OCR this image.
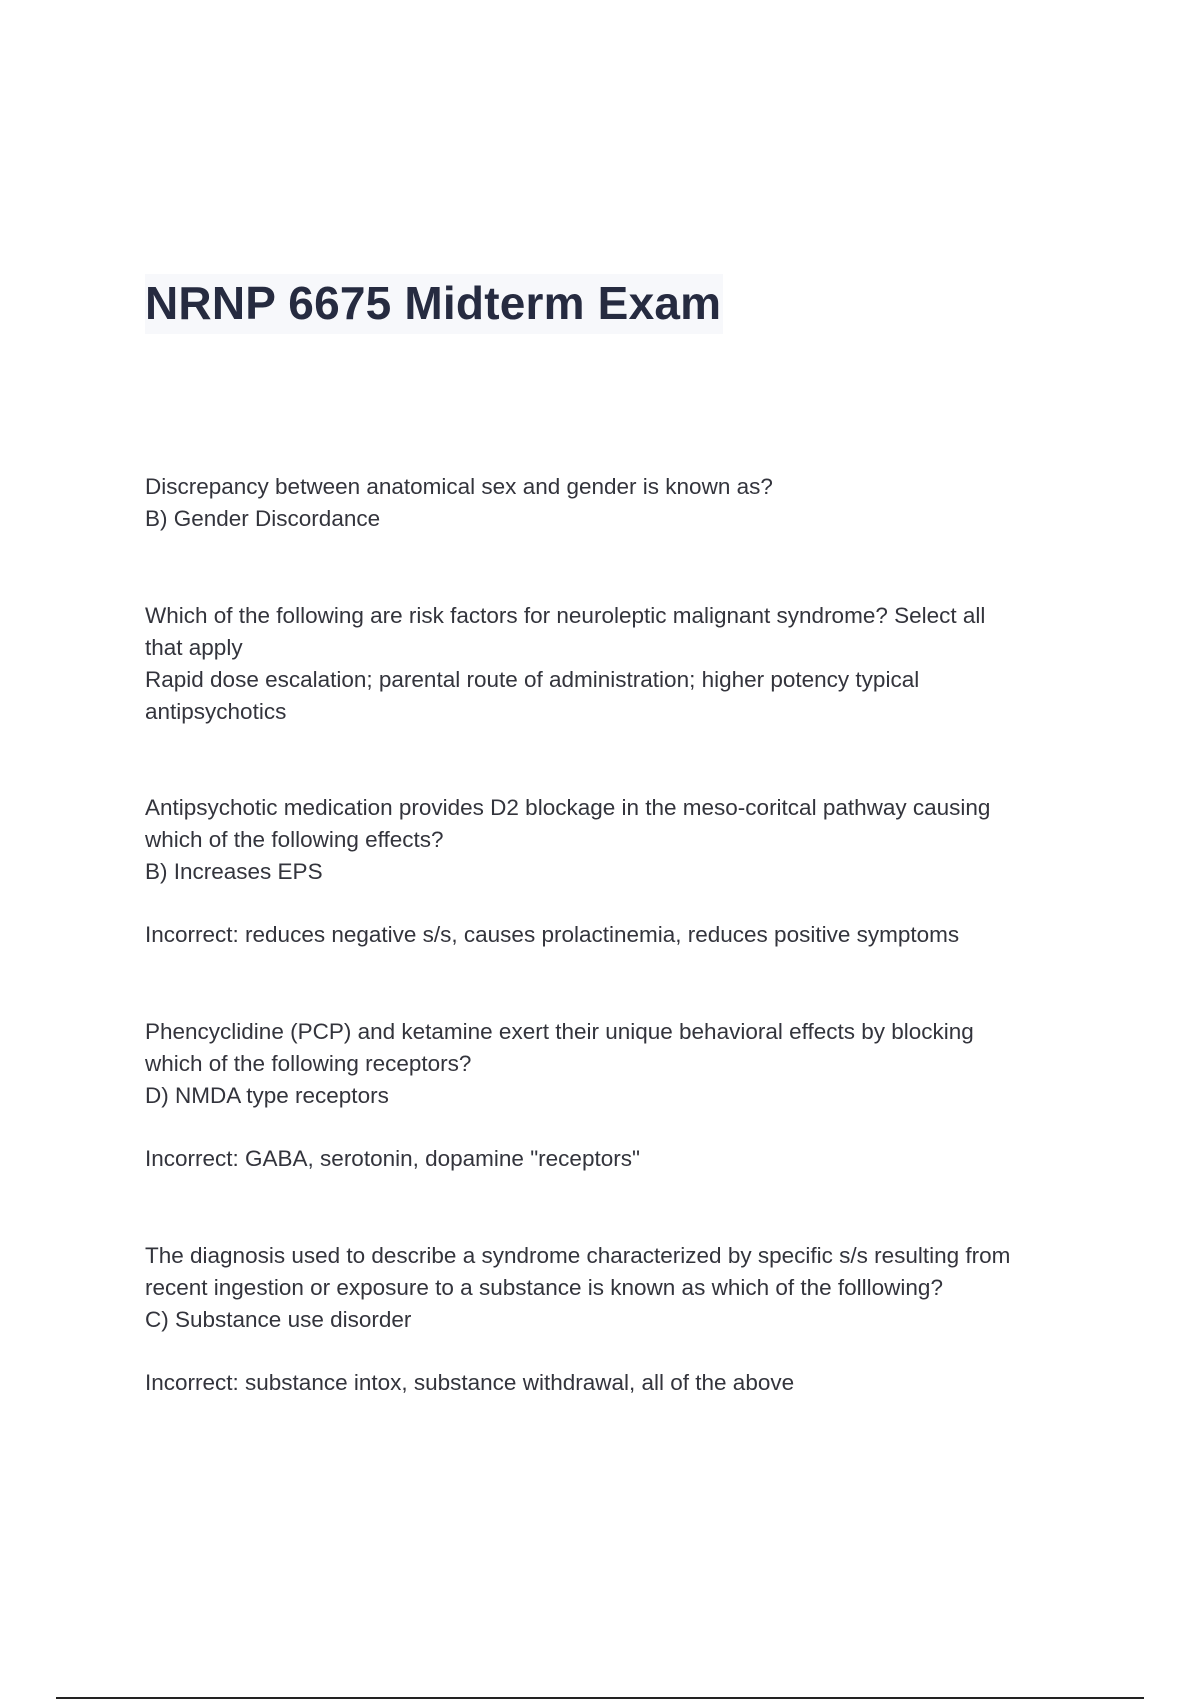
NRNP 6675 Midterm Exam
Discrepancy between anatomical sex and gender is known as?
B) Gender Discordance
Which of the following are risk factors for neuroleptic malignant syndrome? Select all
that apply
Rapid dose escalation; parental route of administration; higher potency typical
antipsychotics
Antipsychotic medication provides D2 blockage in the meso-coritcal pathway causing
which of the following effects?
B) Increases EPS
Incorrect: reduces negative s/s, causes prolactinemia, reduces positive symptoms
Phencyclidine (PCP) and ketamine exert their unique behavioral effects by blocking
which of the following receptors?
D) NMDA type receptors
Incorrect: GABA, serotonin, dopamine "receptors"
The diagnosis used to describe a syndrome characterized by specific s/s resulting from
recent ingestion or exposure to a substance is known as which of the folllowing?
C) Substance use disorder
Incorrect: substance intox, substance withdrawal, all of the above
